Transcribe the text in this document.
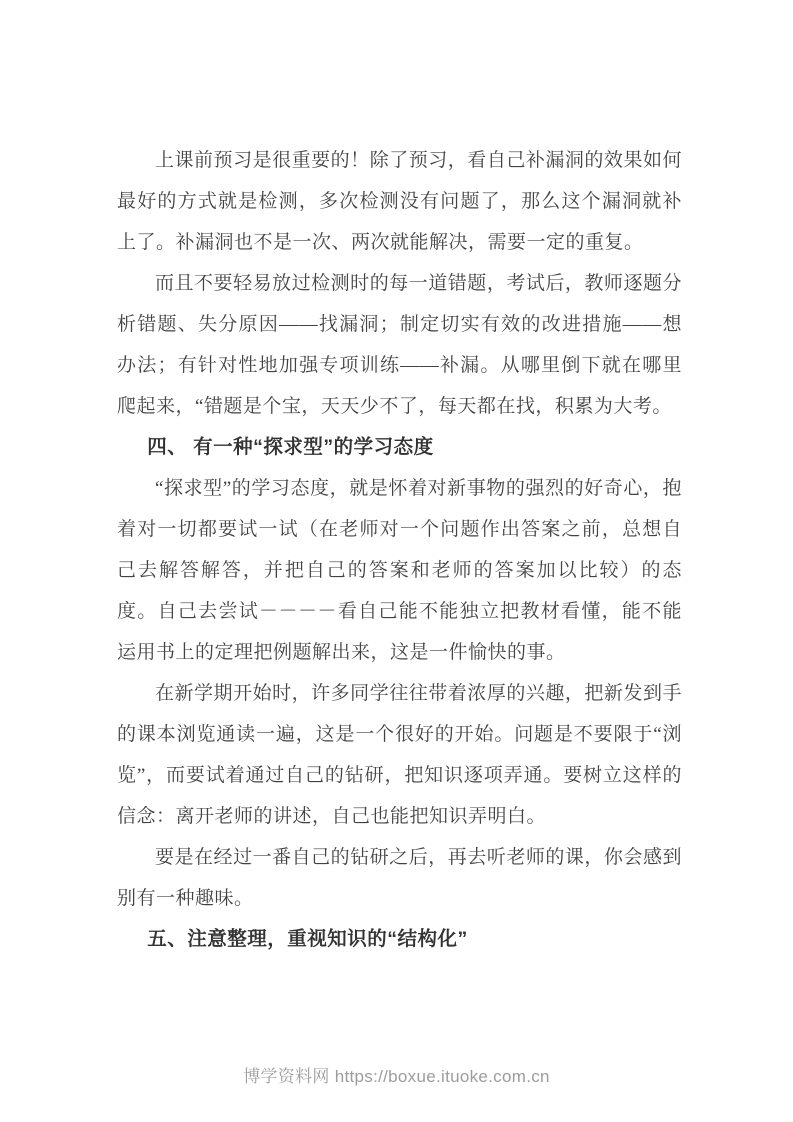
上课前预习是很重要的！除了预习，看自己补漏洞的效果如何最好的方式就是检测，多次检测没有问题了，那么这个漏洞就补上了。补漏洞也不是一次、两次就能解决，需要一定的重复。

而且不要轻易放过检测时的每一道错题，考试后，教师逐题分析错题、失分原因——找漏洞；制定切实有效的改进措施——想办法；有针对性地加强专项训练——补漏。从哪里倒下就在哪里爬起来，“错题是个宝，天天少不了，每天都在找，积累为大考。

四、 有一种“探求型”的学习态度

“探求型”的学习态度，就是怀着对新事物的强烈的好奇心，抱着对一切都要试一试（在老师对一个问题作出答案之前，总想自己去解答解答，并把自己的答案和老师的答案加以比较）的态度。自己去尝试－－－－看自己能不能独立把教材看懂，能不能运用书上的定理把例题解出来，这是一件愉快的事。

在新学期开始时，许多同学往往带着浓厚的兴趣，把新发到手的课本浏览通读一遍，这是一个很好的开始。问题是不要限于“浏览”，而要试着通过自己的钻研，把知识逐项弄通。要树立这样的信念：离开老师的讲述，自己也能把知识弄明白。

要是在经过一番自己的钻研之后，再去听老师的课，你会感到别有一种趣味。

五、注意整理，重视知识的“结构化”
博学资料网 https://boxue.ituoke.com.cn
